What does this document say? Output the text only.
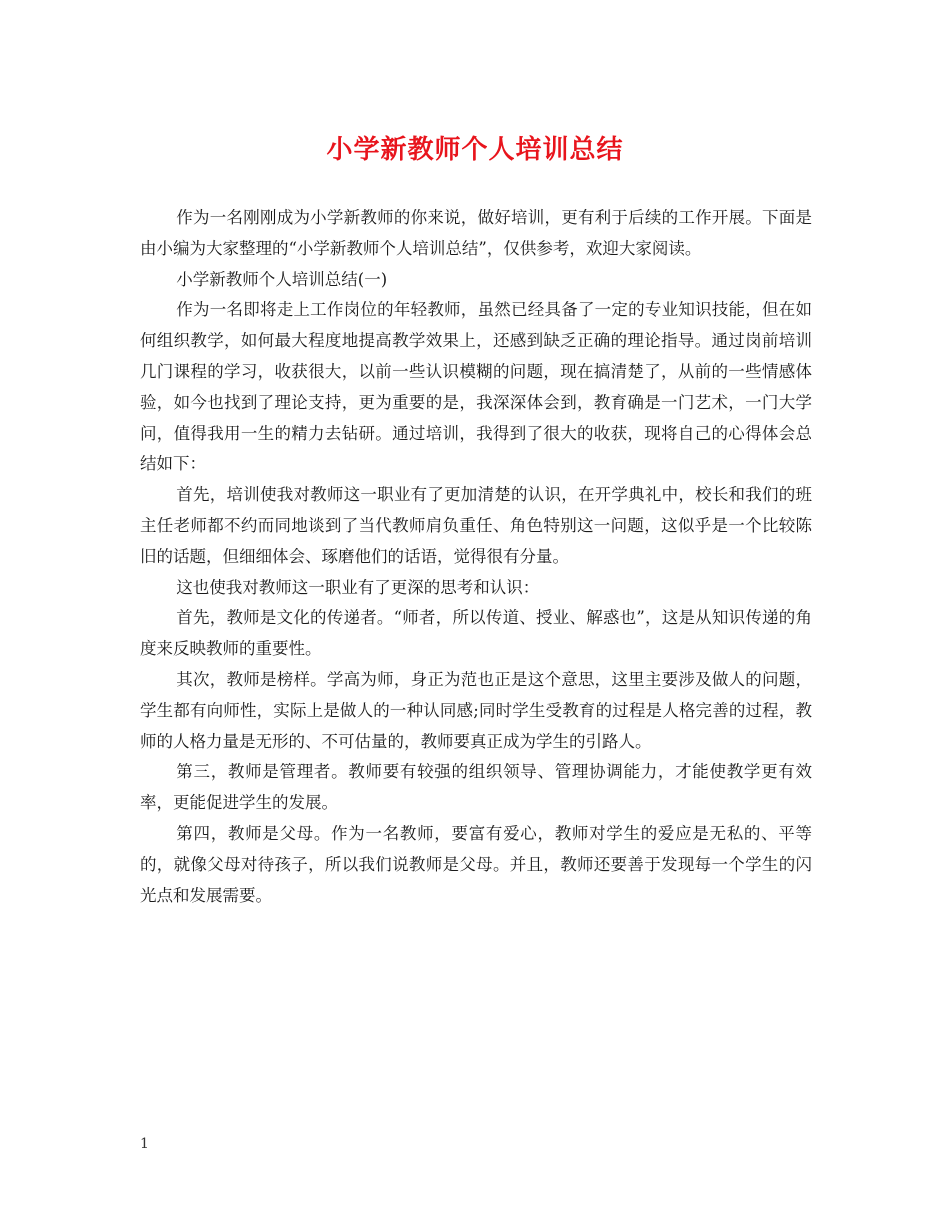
小学新教师个人培训总结

作为一名刚刚成为小学新教师的你来说，做好培训，更有利于后续的工作开展。下面是由小编为大家整理的“小学新教师个人培训总结”，仅供参考，欢迎大家阅读。

小学新教师个人培训总结(一)

作为一名即将走上工作岗位的年轻教师，虽然已经具备了一定的专业知识技能，但在如何组织教学，如何最大程度地提高教学效果上，还感到缺乏正确的理论指导。通过岗前培训几门课程的学习，收获很大，以前一些认识模糊的问题，现在搞清楚了，从前的一些情感体验，如今也找到了理论支持，更为重要的是，我深深体会到，教育确是一门艺术，一门大学问，值得我用一生的精力去钻研。通过培训，我得到了很大的收获，现将自己的心得体会总结如下：

首先，培训使我对教师这一职业有了更加清楚的认识，在开学典礼中，校长和我们的班主任老师都不约而同地谈到了当代教师肩负重任、角色特别这一问题，这似乎是一个比较陈旧的话题，但细细体会、琢磨他们的话语，觉得很有分量。

这也使我对教师这一职业有了更深的思考和认识：

首先，教师是文化的传递者。“师者，所以传道、授业、解惑也”，这是从知识传递的角度来反映教师的重要性。

其次，教师是榜样。学高为师，身正为范也正是这个意思，这里主要涉及做人的问题，学生都有向师性，实际上是做人的一种认同感;同时学生受教育的过程是人格完善的过程，教师的人格力量是无形的、不可估量的，教师要真正成为学生的引路人。

第三，教师是管理者。教师要有较强的组织领导、管理协调能力，才能使教学更有效率，更能促进学生的发展。

第四，教师是父母。作为一名教师，要富有爱心，教师对学生的爱应是无私的、平等的，就像父母对待孩子，所以我们说教师是父母。并且，教师还要善于发现每一个学生的闪光点和发展需要。

1
